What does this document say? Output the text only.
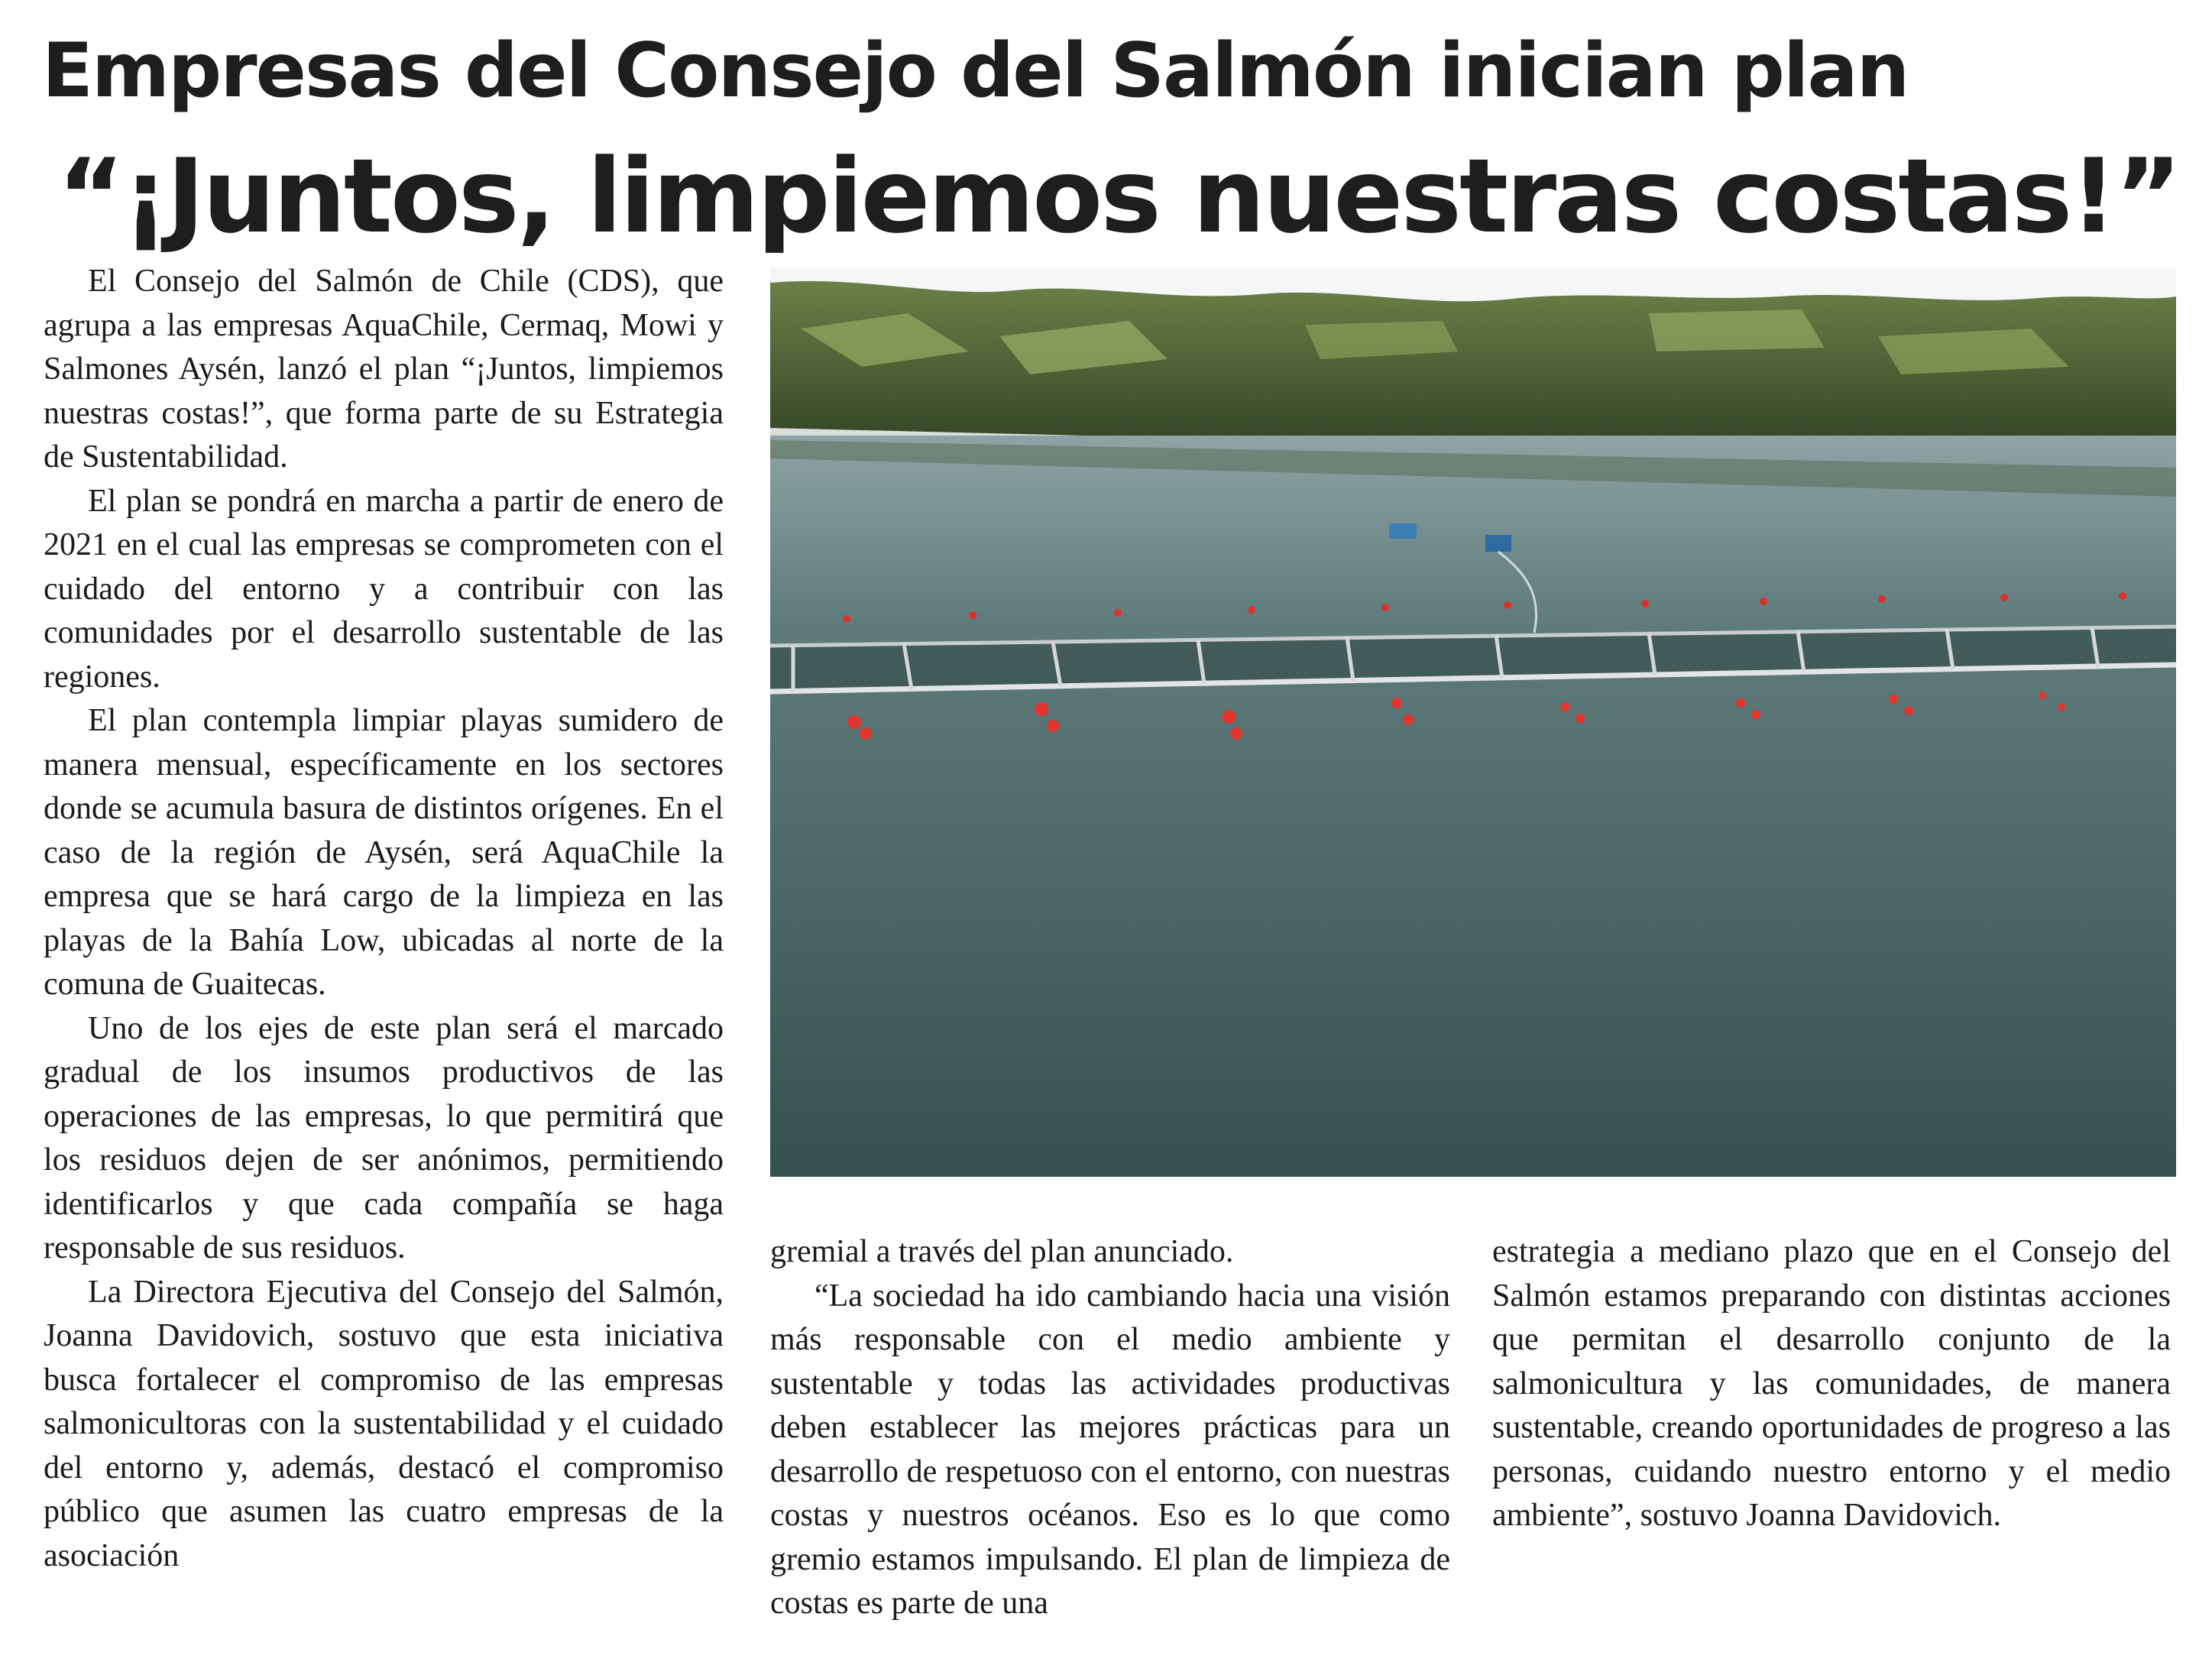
Empresas del Consejo del Salmón inician plan
“¡Juntos, limpiemos nuestras costas!”

El Consejo del Salmón de Chile (CDS), que agrupa a las empresas AquaChile, Cermaq, Mowi y Salmones Aysén, lanzó el plan “¡Juntos, limpiemos nuestras costas!”, que forma parte de su Estrategia de Sustentabilidad.

El plan se pondrá en marcha a partir de enero de 2021 en el cual las empresas se comprometen con el cuidado del entorno y a contribuir con las comunidades por el desarrollo sustentable de las regiones.

El plan contempla limpiar playas sumidero de manera mensual, específicamente en los sectores donde se acumula basura de distintos orígenes. En el caso de la región de Aysén, será AquaChile la empresa que se hará cargo de la limpieza en las playas de la Bahía Low, ubicadas al norte de la comuna de Guaitecas.

Uno de los ejes de este plan será el marcado gradual de los insumos productivos de las operaciones de las empresas, lo que permitirá que los residuos dejen de ser anónimos, permitiendo identificarlos y que cada compañía se haga responsable de sus residuos.

La Directora Ejecutiva del Consejo del Salmón, Joanna Davidovich, sostuvo que esta iniciativa busca fortalecer el compromiso de las empresas salmonicultoras con la sustentabilidad y el cuidado del entorno y, además, destacó el compromiso público que asumen las cuatro empresas de la asociación

gremial a través del plan anunciado.

“La sociedad ha ido cambiando hacia una visión más responsable con el medio ambiente y sustentable y todas las actividades productivas deben establecer las mejores prácticas para un desarrollo de respetuoso con el entorno, con nuestras costas y nuestros océanos. Eso es lo que como gremio estamos impulsando. El plan de limpieza de costas es parte de una

estrategia a mediano plazo que en el Consejo del Salmón estamos preparando con distintas acciones que permitan el desarrollo conjunto de la salmonicultura y las comunidades, de manera sustentable, creando oportunidades de progreso a las personas, cuidando nuestro entorno y el medio ambiente”, sostuvo Joanna Davidovich.
